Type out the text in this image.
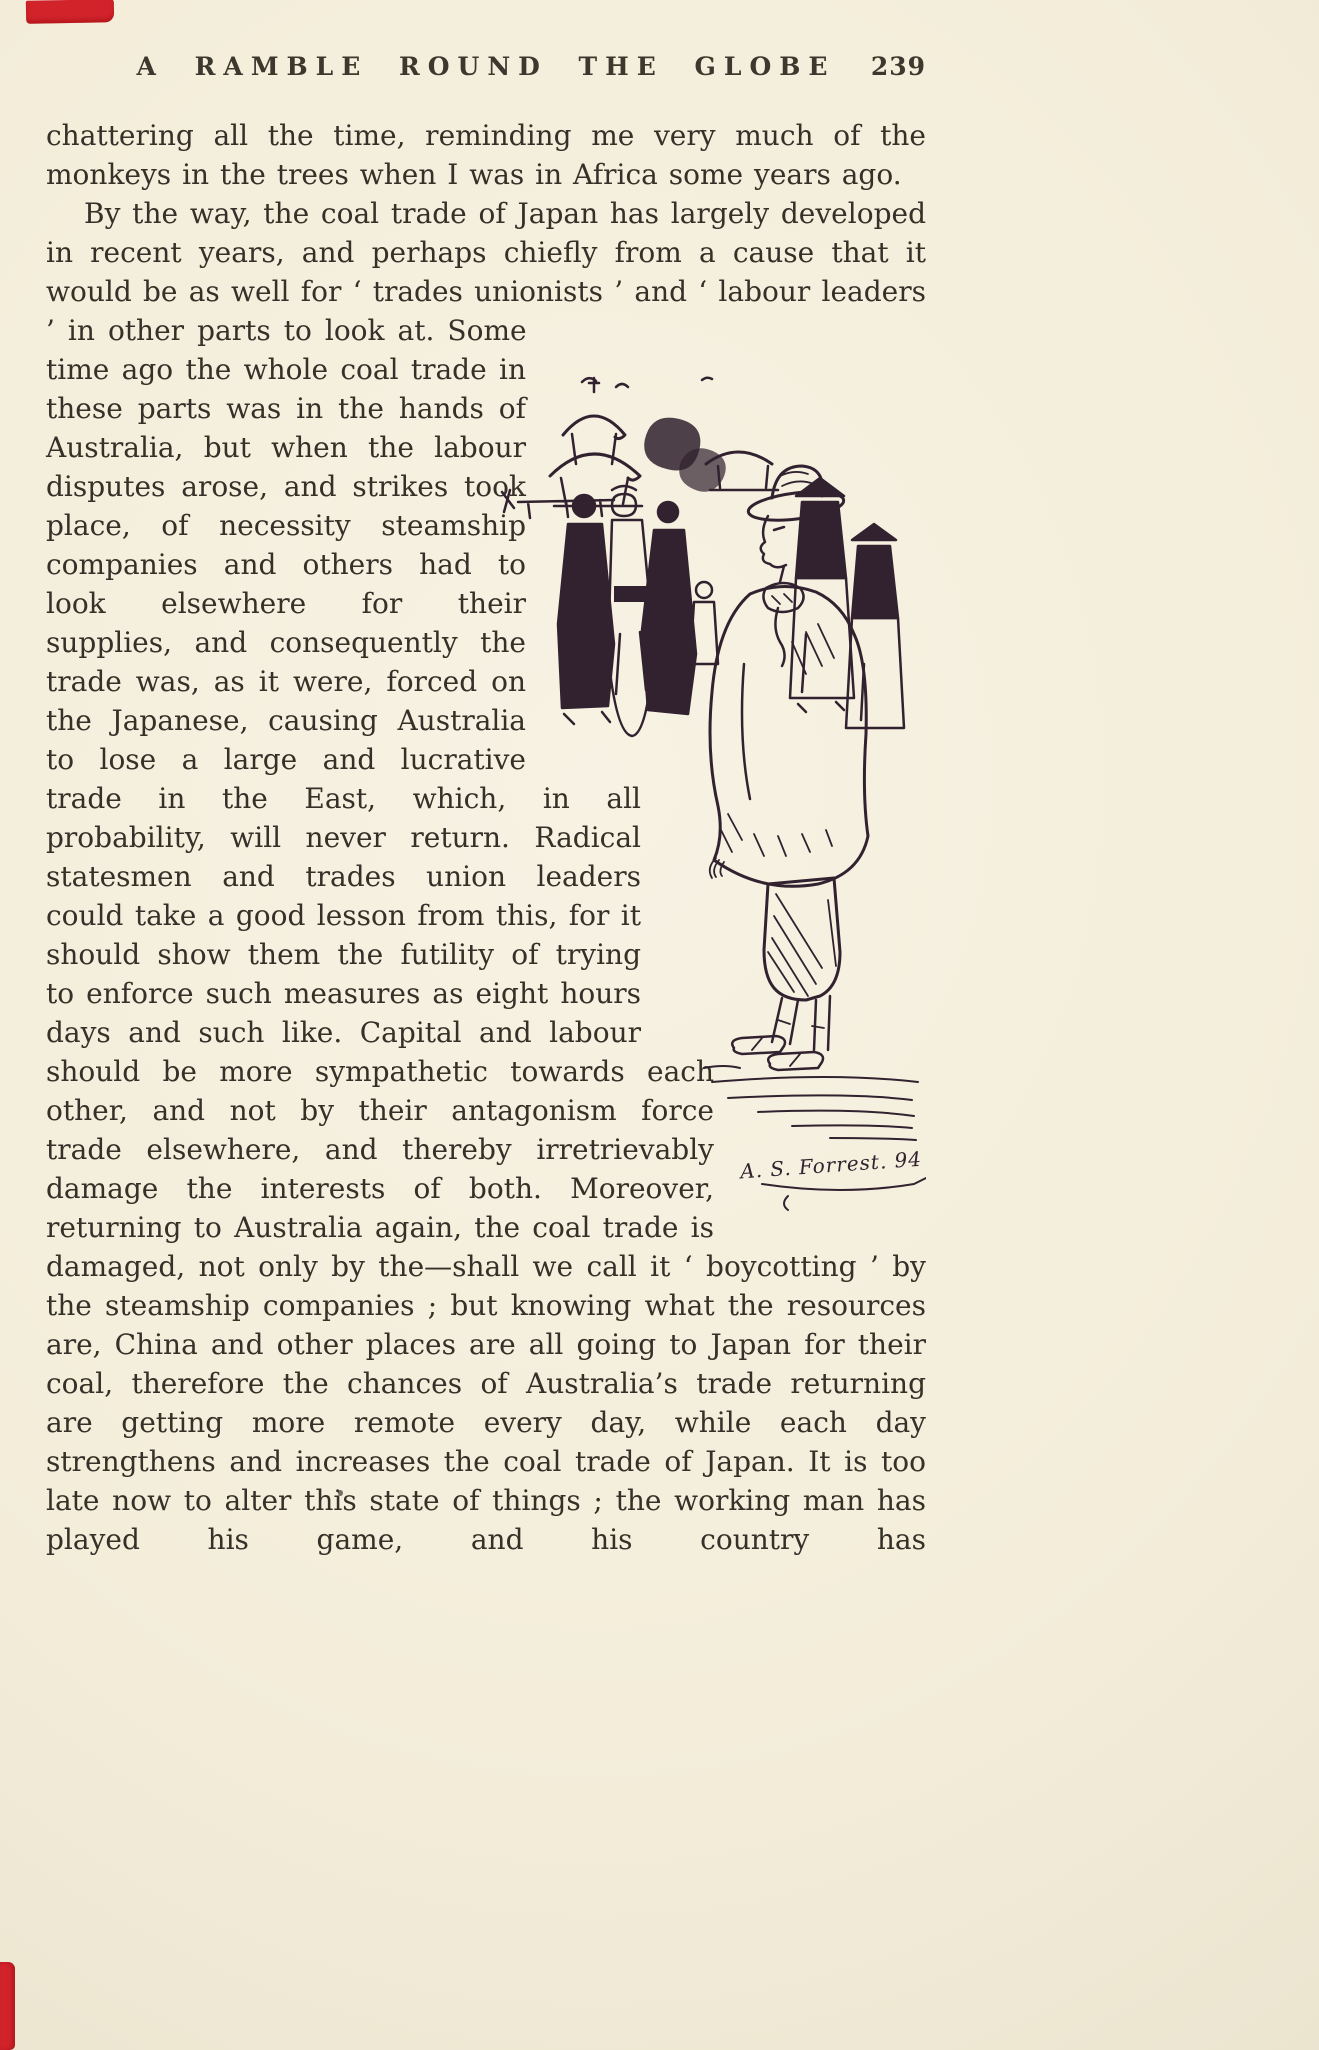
A RAMBLE ROUND THE GLOBE 239

chattering all the time, reminding me very much of the monkeys in the trees when I was in Africa some years ago.

A. S. Forrest. 94

By the way, the coal trade of Japan has largely developed in recent years, and perhaps chiefly from a cause that it would be as well for ‘ trades unionists ’ and ‘ labour leaders ’ in other parts to look at. Some time ago the whole coal trade in these parts was in the hands of Australia, but when the labour disputes arose, and strikes took place, of necessity steamship companies and others had to look elsewhere for their supplies, and consequently the trade was, as it were, forced on the Japanese, causing Australia to lose a large and lucrative trade in the East, which, in all probability, will never return. Radical statesmen and trades union leaders could take a good lesson from this, for it should show them the futility of trying to enforce such measures as eight hours days and such like. Capital and labour should be more sympathetic towards each other, and not by their antagonism force trade elsewhere, and thereby irretrievably damage the interests of both. Moreover, returning to Australia again, the coal trade is damaged, not only by the—shall we call it ‘ boycotting ’ by the steamship companies ; but knowing what the resources are, China and other places are all going to Japan for their coal, therefore the chances of Australia’s trade returning are getting more remote every day, while each day strengthens and increases the coal trade of Japan. It is too late now to alter this state of things ; the working man has played his game, and his country has
